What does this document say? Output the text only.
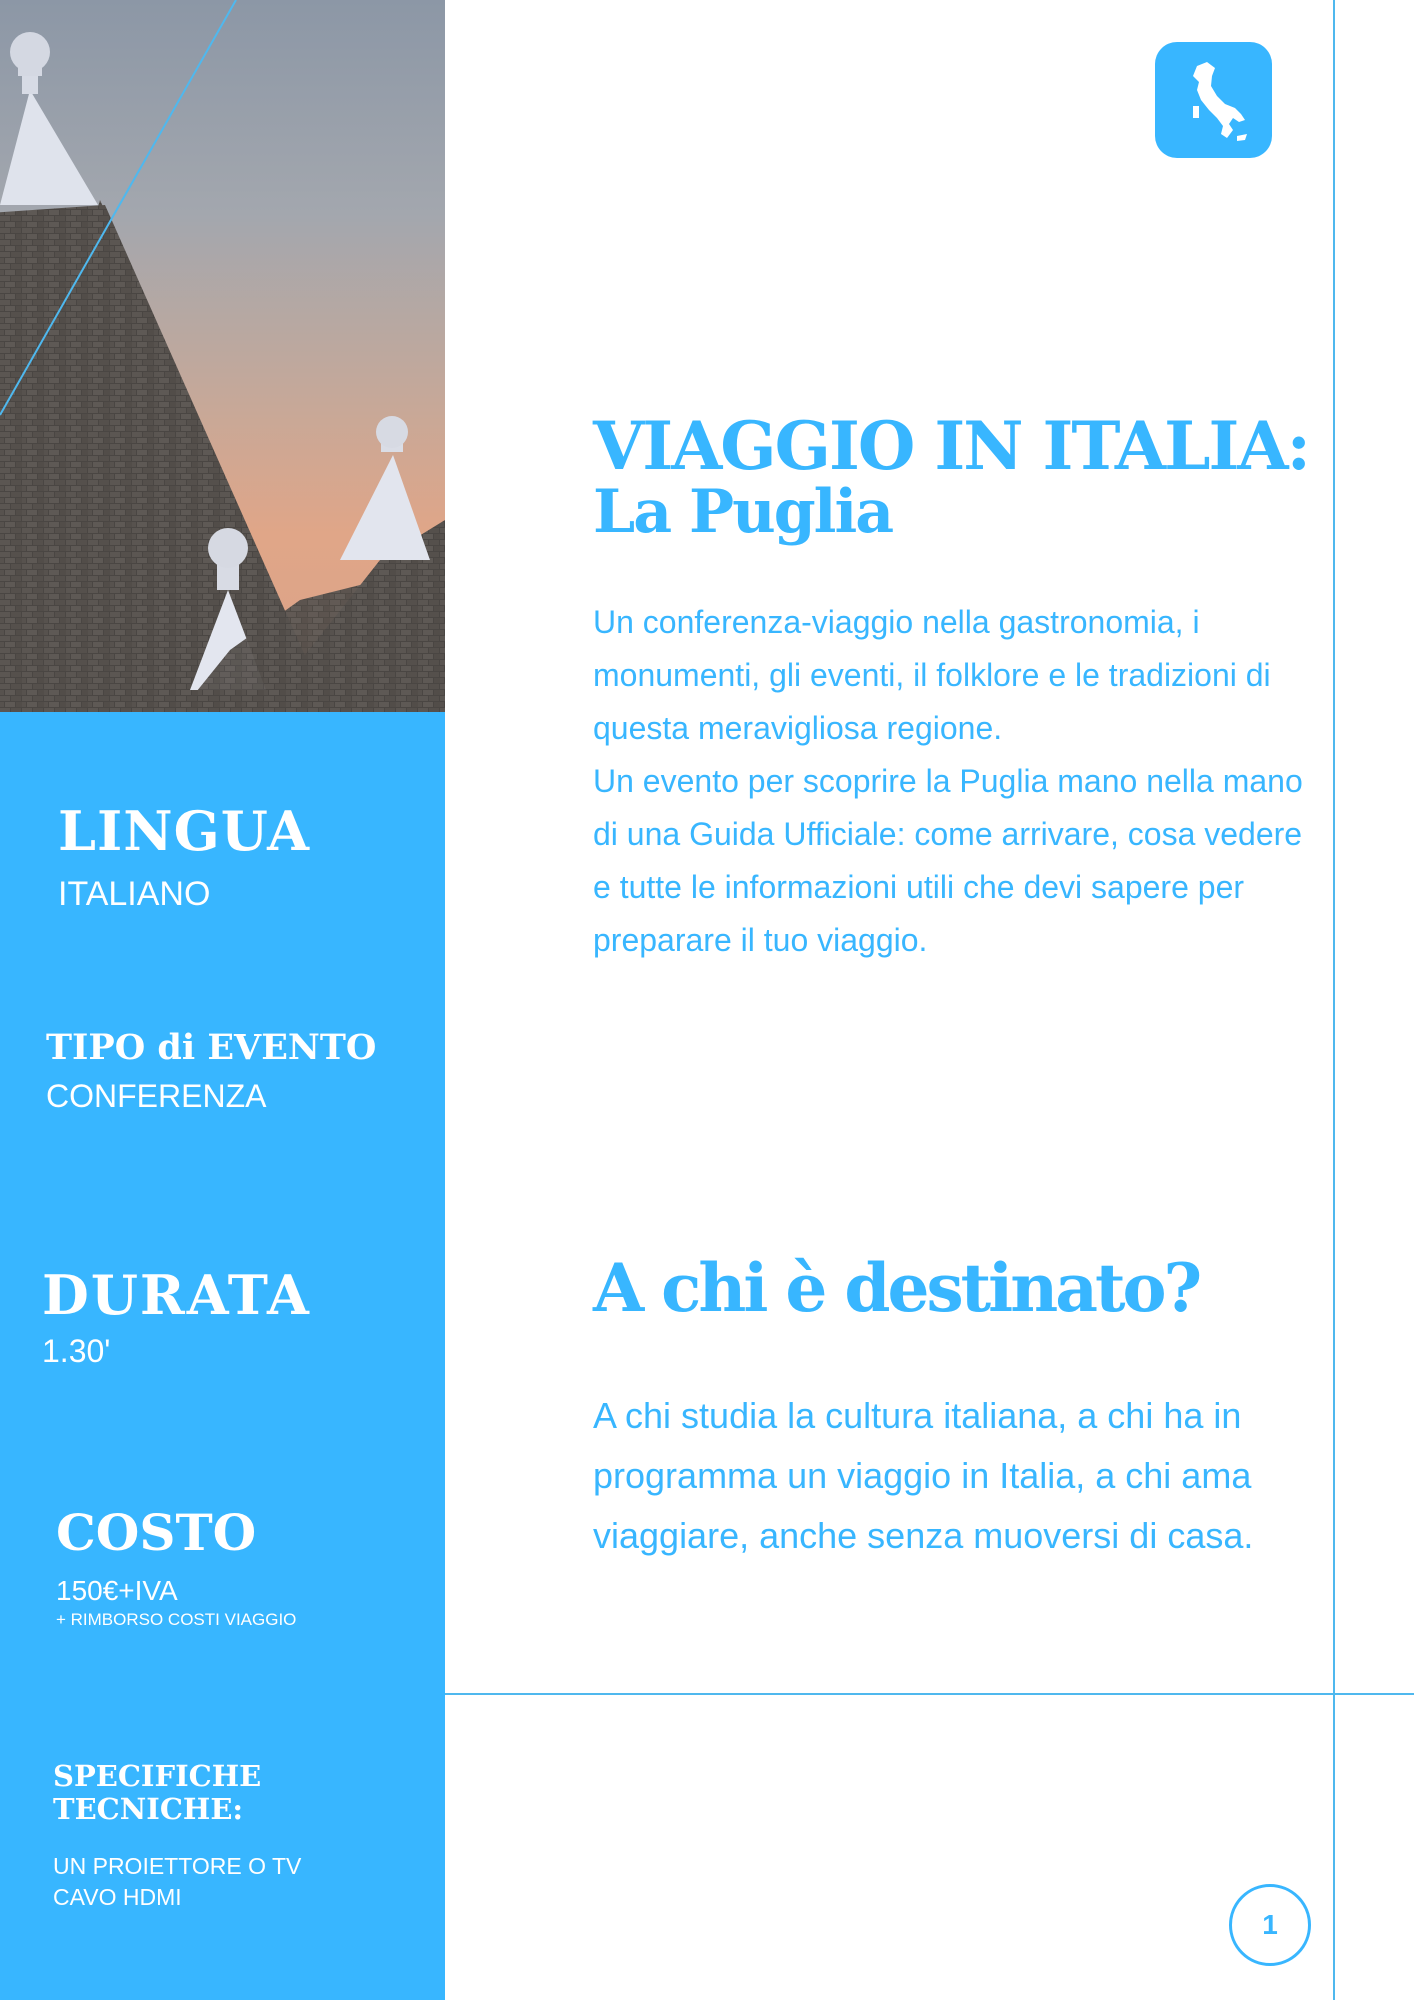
LINGUA
ITALIANO
TIPO di EVENTO
CONFERENZA
DURATA
1.30'
COSTO
150€+IVA
+ RIMBORSO COSTI VIAGGIO
SPECIFICHE
TECNICHE:
UN PROIETTORE O TV
CAVO HDMI
VIAGGIO IN ITALIA:
La Puglia

Un conferenza-viaggio nella gastronomia, i monumenti, gli eventi, il folklore e le tradizioni di questa meravigliosa regione.

Un evento per scoprire la Puglia mano nella mano di una Guida Ufficiale: come arrivare, cosa vedere e tutte le informazioni utili che devi sapere per preparare il tuo viaggio.

A chi è destinato?

A chi studia la cultura italiana, a chi ha in programma un viaggio in Italia, a chi ama viaggiare, anche senza muoversi di casa.

1
